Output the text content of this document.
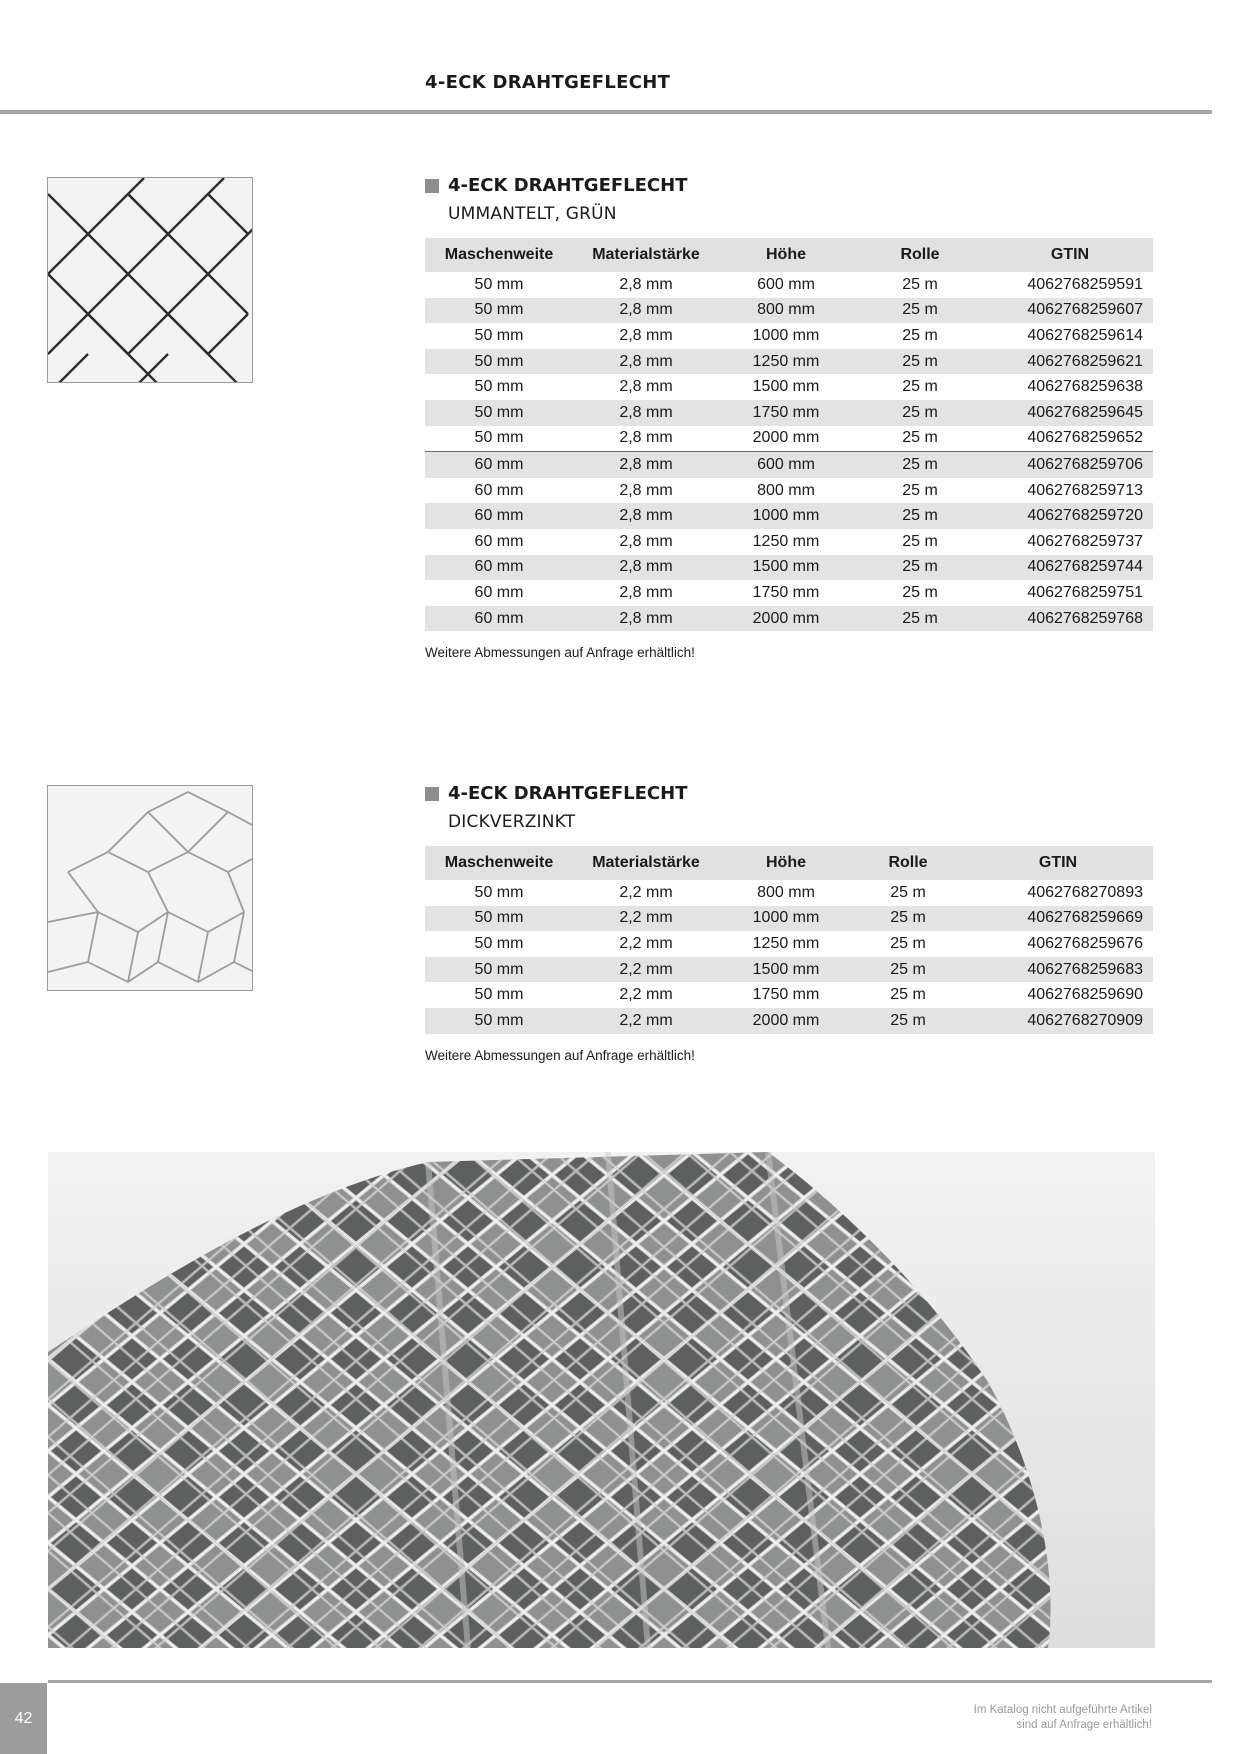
4-ECK DRAHTGEFLECHT
4-ECK DRAHTGEFLECHT
UMMANTELT, GRÜN
Maschenweite	Materialstärke	Höhe	Rolle	GTIN
50 mm	2,8 mm	600 mm	25 m	4062768259591
50 mm	2,8 mm	800 mm	25 m	4062768259607
50 mm	2,8 mm	1000 mm	25 m	4062768259614
50 mm	2,8 mm	1250 mm	25 m	4062768259621
50 mm	2,8 mm	1500 mm	25 m	4062768259638
50 mm	2,8 mm	1750 mm	25 m	4062768259645
50 mm	2,8 mm	2000 mm	25 m	4062768259652
60 mm	2,8 mm	600 mm	25 m	4062768259706
60 mm	2,8 mm	800 mm	25 m	4062768259713
60 mm	2,8 mm	1000 mm	25 m	4062768259720
60 mm	2,8 mm	1250 mm	25 m	4062768259737
60 mm	2,8 mm	1500 mm	25 m	4062768259744
60 mm	2,8 mm	1750 mm	25 m	4062768259751
60 mm	2,8 mm	2000 mm	25 m	4062768259768
Weitere Abmessungen auf Anfrage erhältlich!
4-ECK DRAHTGEFLECHT
DICKVERZINKT
Maschenweite	Materialstärke	Höhe	Rolle	GTIN
50 mm	2,2 mm	800 mm	25 m	4062768270893
50 mm	2,2 mm	1000 mm	25 m	4062768259669
50 mm	2,2 mm	1250 mm	25 m	4062768259676
50 mm	2,2 mm	1500 mm	25 m	4062768259683
50 mm	2,2 mm	1750 mm	25 m	4062768259690
50 mm	2,2 mm	2000 mm	25 m	4062768270909
Weitere Abmessungen auf Anfrage erhältlich!
42	Im Katalog nicht aufgeführte Artikel
sind auf Anfrage erhältlich!
